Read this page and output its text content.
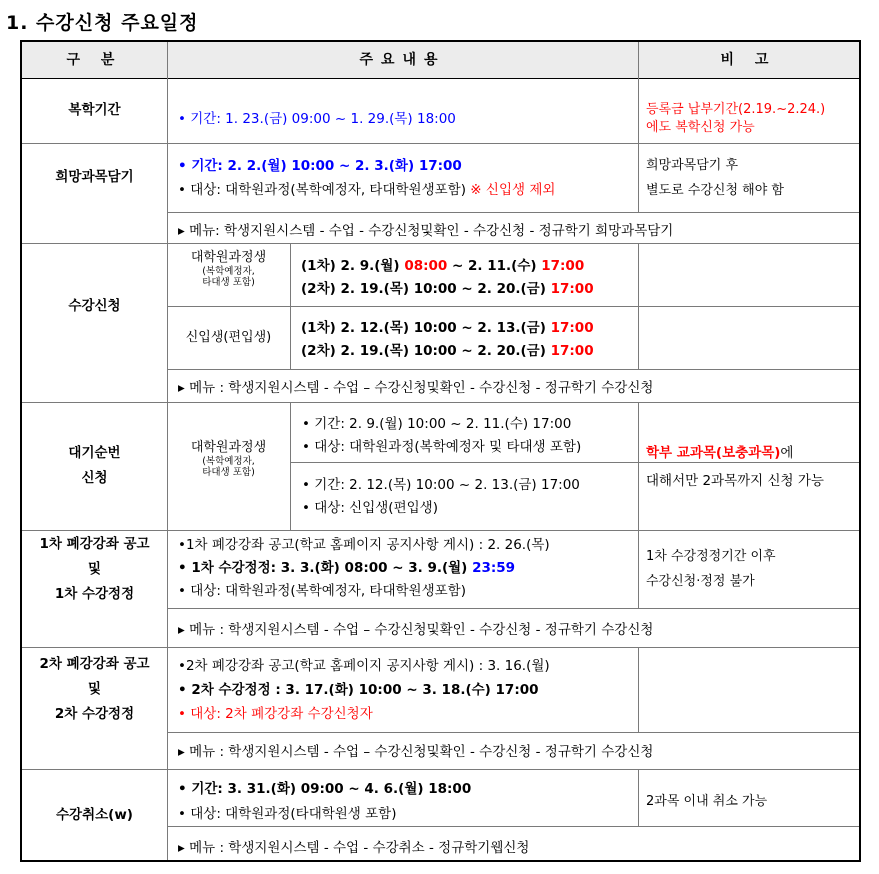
1. 수강신청 주요일정
구 분	주요내용	비 고
복학기간
• 기간: 1. 23.(금) 09:00 ~ 1. 29.(목) 18:00
등록금 납부기간(2.19.~2.24.)
에도 복학신청 가능
희망과목담기
• 기간: 2. 2.(월) 10:00 ~ 2. 3.(화) 17:00
• 대상: 대학원과정(복학예정자, 타대학원생포함) ※ 신입생 제외
희망과목담기 후
별도로 수강신청 해야 함
▸ 메뉴: 학생지원시스템 - 수업 - 수강신청및확인 - 수강신청 - 정규학기 희망과목담기
수강신청
대학원과정생
(복학예정자,
타대생 포함)
(1차) 2. 9.(월) 08:00 ~ 2. 11.(수) 17:00
(2차) 2. 19.(목) 10:00 ~ 2. 20.(금) 17:00
신입생(편입생)
(1차) 2. 12.(목) 10:00 ~ 2. 13.(금) 17:00
(2차) 2. 19.(목) 10:00 ~ 2. 20.(금) 17:00
▸ 메뉴 : 학생지원시스템 - 수업 – 수강신청및확인 - 수강신청 - 정규학기 수강신청
대기순번
신청
대학원과정생
(복학예정자,
타대생 포함)
• 기간: 2. 9.(월) 10:00 ~ 2. 11.(수) 17:00
• 대상: 대학원과정(복학예정자 및 타대생 포함)
• 기간: 2. 12.(목) 10:00 ~ 2. 13.(금) 17:00
• 대상: 신입생(편입생)
학부 교과목(보충과목)에
대해서만 2과목까지 신청 가능
1차 폐강강좌 공고
및
1차 수강정정
•1차 폐강강좌 공고(학교 홈페이지 공지사항 게시) : 2. 26.(목)
• 1차 수강정정: 3. 3.(화) 08:00 ~ 3. 9.(월) 23:59
• 대상: 대학원과정(복학예정자, 타대학원생포함)
1차 수강정정기간 이후
수강신청·정정 불가
▸ 메뉴 : 학생지원시스템 - 수업 – 수강신청및확인 - 수강신청 - 정규학기 수강신청
2차 폐강강좌 공고
및
2차 수강정정
•2차 폐강강좌 공고(학교 홈페이지 공지사항 게시) : 3. 16.(월)
• 2차 수강정정 : 3. 17.(화) 10:00 ~ 3. 18.(수) 17:00
• 대상: 2차 폐강강좌 수강신청자
▸ 메뉴 : 학생지원시스템 - 수업 – 수강신청및확인 - 수강신청 - 정규학기 수강신청
수강취소(w)
• 기간: 3. 31.(화) 09:00 ~ 4. 6.(월) 18:00
• 대상: 대학원과정(타대학원생 포함)
2과목 이내 취소 가능
▸ 메뉴 : 학생지원시스템 - 수업 - 수강취소 - 정규학기웹신청
